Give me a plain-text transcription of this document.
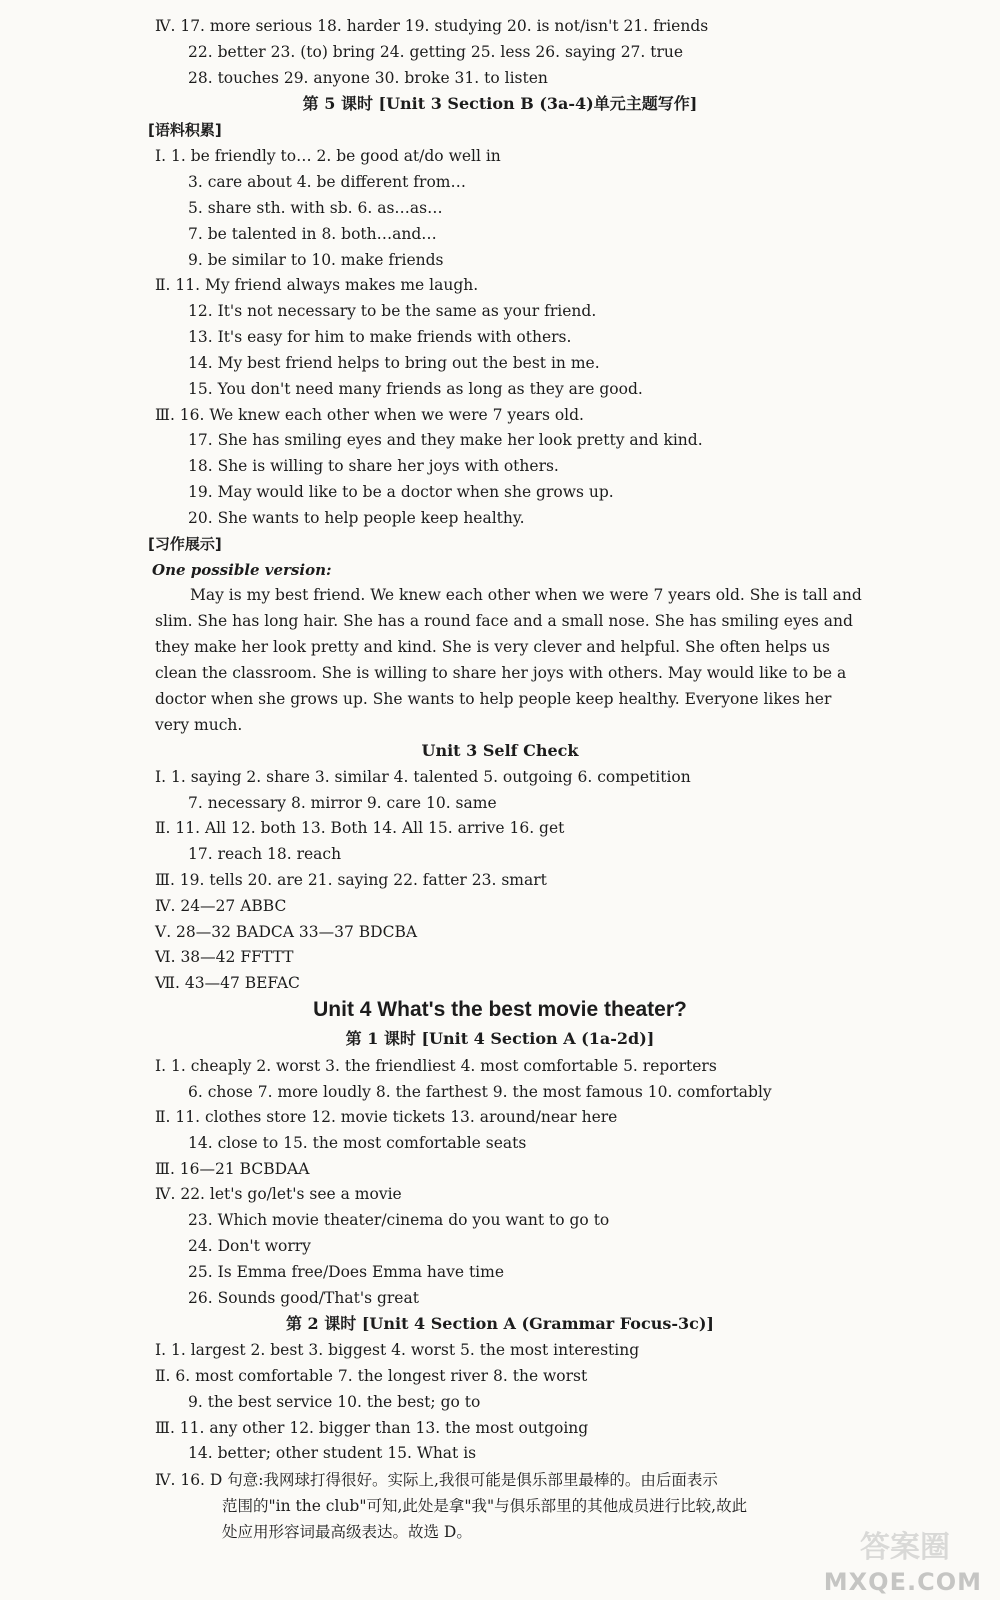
Ⅳ. 17. more serious 18. harder 19. studying 20. is not/isn't 21. friends
22. better 23. (to) bring 24. getting 25. less 26. saying 27. true
28. touches 29. anyone 30. broke 31. to listen
第 5 课时 [Unit 3 Section B (3a-4)单元主题写作]
[语料积累]
Ⅰ. 1. be friendly to… 2. be good at/do well in
3. care about 4. be different from…
5. share sth. with sb. 6. as…as…
7. be talented in 8. both…and…
9. be similar to 10. make friends
Ⅱ. 11. My friend always makes me laugh.
12. It's not necessary to be the same as your friend.
13. It's easy for him to make friends with others.
14. My best friend helps to bring out the best in me.
15. You don't need many friends as long as they are good.
Ⅲ. 16. We knew each other when we were 7 years old.
17. She has smiling eyes and they make her look pretty and kind.
18. She is willing to share her joys with others.
19. May would like to be a doctor when she grows up.
20. She wants to help people keep healthy.
[习作展示]
One possible version:
May is my best friend. We knew each other when we were 7 years old. She is tall and
slim. She has long hair. She has a round face and a small nose. She has smiling eyes and
they make her look pretty and kind. She is very clever and helpful. She often helps us
clean the classroom. She is willing to share her joys with others. May would like to be a
doctor when she grows up. She wants to help people keep healthy. Everyone likes her
very much.
Unit 3 Self Check
Ⅰ. 1. saying 2. share 3. similar 4. talented 5. outgoing 6. competition
7. necessary 8. mirror 9. care 10. same
Ⅱ. 11. All 12. both 13. Both 14. All 15. arrive 16. get
17. reach 18. reach
Ⅲ. 19. tells 20. are 21. saying 22. fatter 23. smart
Ⅳ. 24—27 ABBC
Ⅴ. 28—32 BADCA 33—37 BDCBA
Ⅵ. 38—42 FFTTT
Ⅶ. 43—47 BEFAC
Unit 4 What's the best movie theater?
第 1 课时 [Unit 4 Section A (1a-2d)]
Ⅰ. 1. cheaply 2. worst 3. the friendliest 4. most comfortable 5. reporters
6. chose 7. more loudly 8. the farthest 9. the most famous 10. comfortably
Ⅱ. 11. clothes store 12. movie tickets 13. around/near here
14. close to 15. the most comfortable seats
Ⅲ. 16—21 BCBDAA
Ⅳ. 22. let's go/let's see a movie
23. Which movie theater/cinema do you want to go to
24. Don't worry
25. Is Emma free/Does Emma have time
26. Sounds good/That's great
第 2 课时 [Unit 4 Section A (Grammar Focus-3c)]
Ⅰ. 1. largest 2. best 3. biggest 4. worst 5. the most interesting
Ⅱ. 6. most comfortable 7. the longest river 8. the worst
9. the best service 10. the best; go to
Ⅲ. 11. any other 12. bigger than 13. the most outgoing
14. better; other student 15. What is
Ⅳ. 16. D 句意:我网球打得很好。实际上,我很可能是俱乐部里最棒的。由后面表示
范围的"in the club"可知,此处是拿"我"与俱乐部里的其他成员进行比较,故此
处应用形容词最高级表达。故选 D。	答案圈
MXQE.COM
